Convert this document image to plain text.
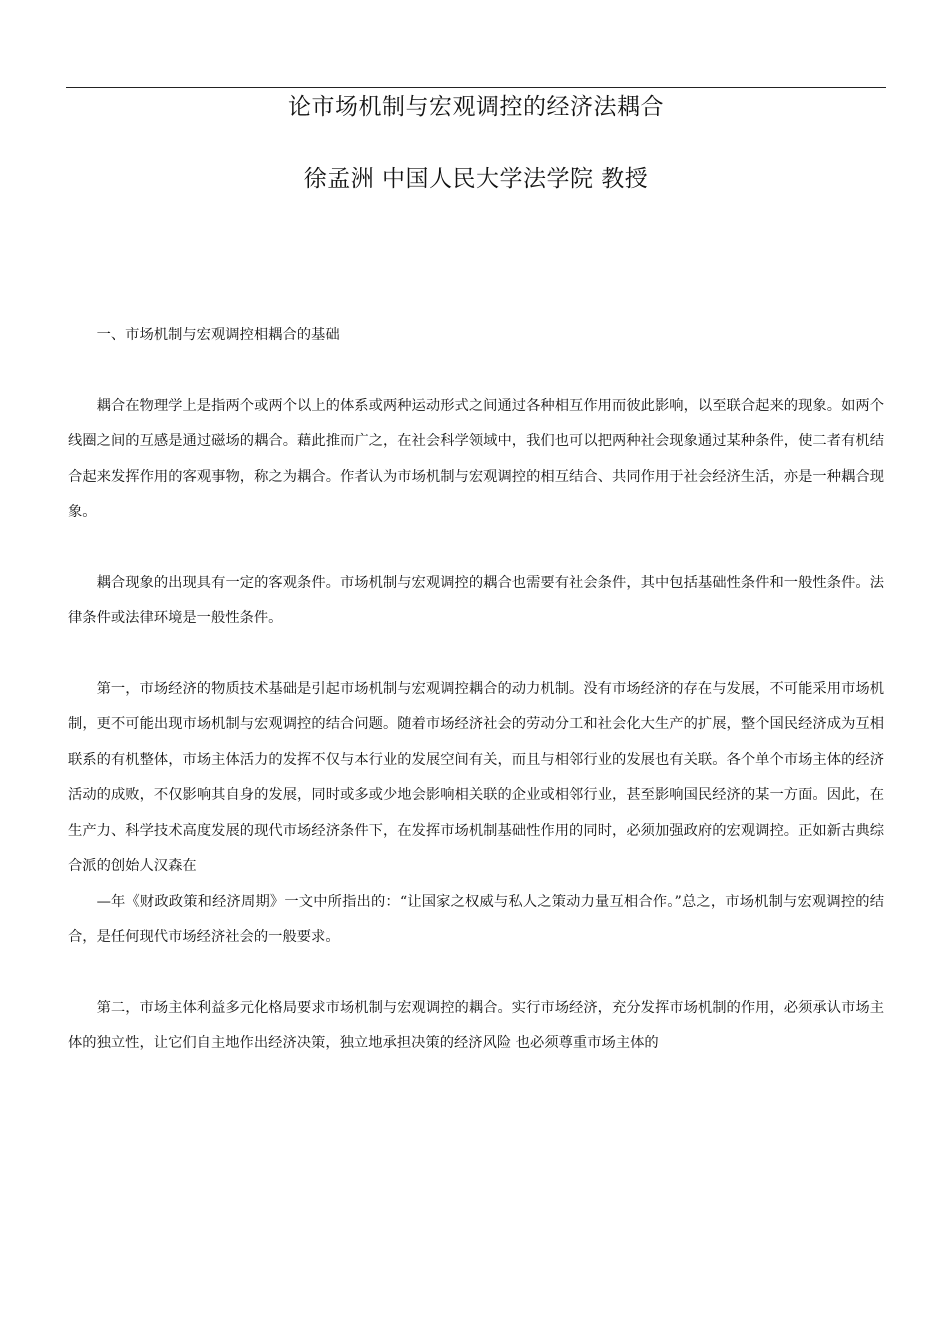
论市场机制与宏观调控的经济法耦合
徐孟洲 中国人民大学法学院 教授

一、市场机制与宏观调控相耦合的基础

耦合在物理学上是指两个或两个以上的体系或两种运动形式之间通过各种相互作用而彼此影响，以至联合起来的现象。如两个线圈之间的互感是通过磁场的耦合。藉此推而广之，在社会科学领域中，我们也可以把两种社会现象通过某种条件，使二者有机结合起来发挥作用的客观事物，称之为耦合。作者认为市场机制与宏观调控的相互结合、共同作用于社会经济生活，亦是一种耦合现象。

耦合现象的出现具有一定的客观条件。市场机制与宏观调控的耦合也需要有社会条件，其中包括基础性条件和一般性条件。法律条件或法律环境是一般性条件。

第一，市场经济的物质技术基础是引起市场机制与宏观调控耦合的动力机制。没有市场经济的存在与发展，不可能采用市场机制，更不可能出现市场机制与宏观调控的结合问题。随着市场经济社会的劳动分工和社会化大生产的扩展，整个国民经济成为互相联系的有机整体，市场主体活力的发挥不仅与本行业的发展空间有关，而且与相邻行业的发展也有关联。各个单个市场主体的经济活动的成败，不仅影响其自身的发展，同时或多或少地会影响相关联的企业或相邻行业，甚至影响国民经济的某一方面。因此，在生产力、科学技术高度发展的现代市场经济条件下，在发挥市场机制基础性作用的同时，必须加强政府的宏观调控。正如新古典综合派的创始人汉森在

—年《财政政策和经济周期》一文中所指出的：“让国家之权威与私人之策动力量互相合作。”总之，市场机制与宏观调控的结合，是任何现代市场经济社会的一般要求。

第二，市场主体利益多元化格局要求市场机制与宏观调控的耦合。实行市场经济，充分发挥市场机制的作用，必须承认市场主体的独立性，让它们自主地作出经济决策，独立地承担决策的经济风险 也必须尊重市场主体的
